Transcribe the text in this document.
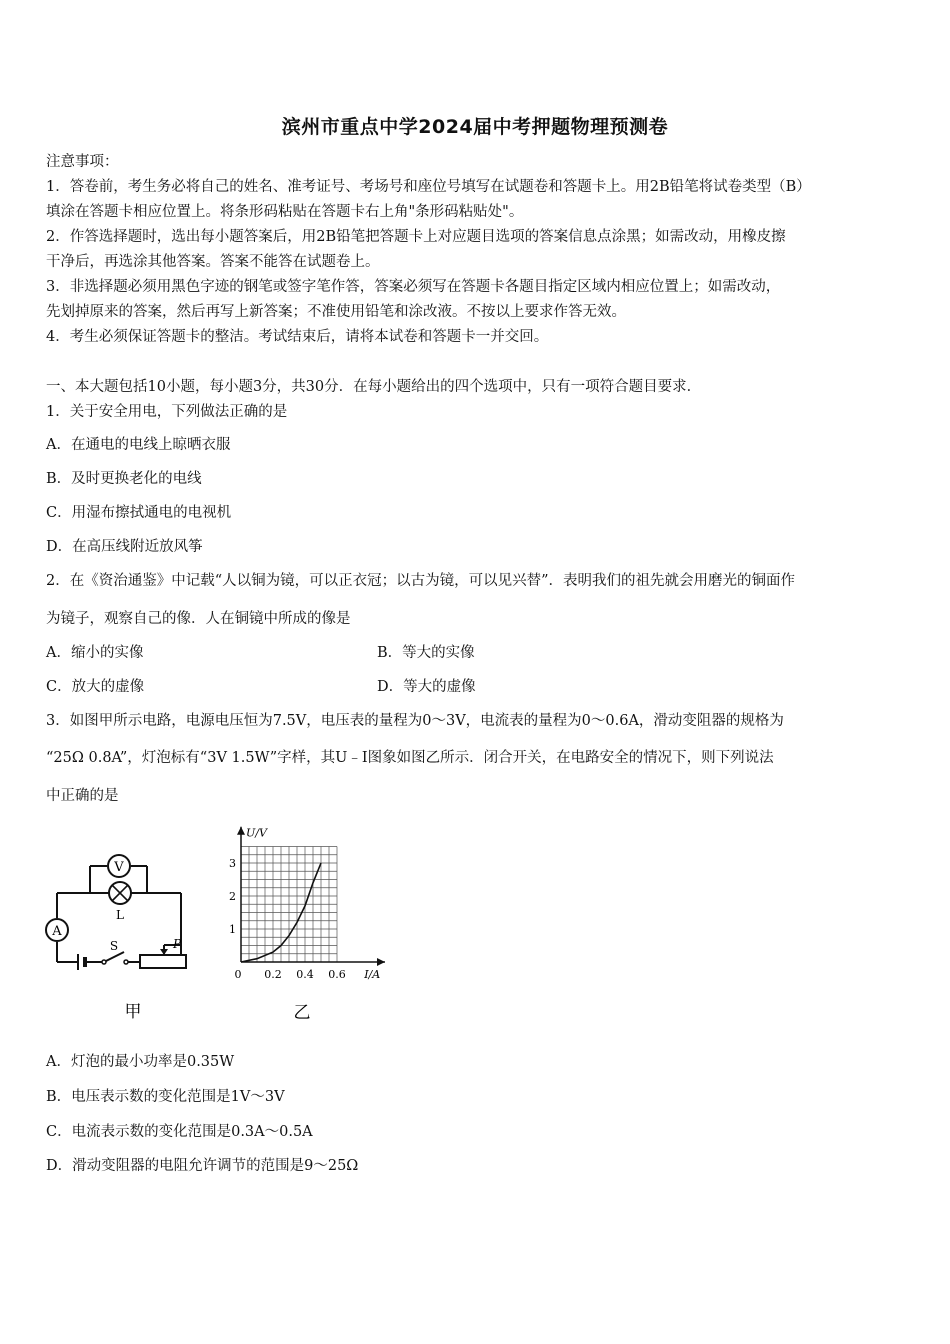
滨州市重点中学2024届中考押题物理预测卷
注意事项：
1．答卷前，考生务必将自己的姓名、准考证号、考场号和座位号填写在试题卷和答题卡上。用2B铅笔将试卷类型（B）
填涂在答题卡相应位置上。将条形码粘贴在答题卡右上角"条形码粘贴处"。
2．作答选择题时，选出每小题答案后，用2B铅笔把答题卡上对应题目选项的答案信息点涂黑；如需改动，用橡皮擦
干净后，再选涂其他答案。答案不能答在试题卷上。
3．非选择题必须用黑色字迹的钢笔或签字笔作答，答案必须写在答题卡各题目指定区域内相应位置上；如需改动，
先划掉原来的答案，然后再写上新答案；不准使用铅笔和涂改液。不按以上要求作答无效。
4．考生必须保证答题卡的整洁。考试结束后，请将本试卷和答题卡一并交回。
一、本大题包括10小题，每小题3分，共30分．在每小题给出的四个选项中，只有一项符合题目要求．
1．关于安全用电，下列做法正确的是
A．在通电的电线上晾晒衣服
B．及时更换老化的电线
C．用湿布擦拭通电的电视机
D．在高压线附近放风筝
2．在《资治通鉴》中记载“人以铜为镜，可以正衣冠；以古为镜，可以见兴替”．表明我们的祖先就会用磨光的铜面作
为镜子，观察自己的像．人在铜镜中所成的像是
A．缩小的实像	B．等大的实像
C．放大的虚像	D．等大的虚像
3．如图甲所示电路，电源电压恒为7.5V，电压表的量程为0～3V，电流表的量程为0～0.6A，滑动变阻器的规格为
“25Ω 0.8A”，灯泡标有“3V 1.5W”字样，其U﹣I图象如图乙所示．闭合开关，在电路安全的情况下，则下列说法
中正确的是
V
L
A
S	P
甲
0 0.2 0.4 0.6
1
2
3
I/A
U/V
乙
A．灯泡的最小功率是0.35W
B．电压表示数的变化范围是1V～3V
C．电流表示数的变化范围是0.3A～0.5A
D．滑动变阻器的电阻允许调节的范围是9～25Ω
